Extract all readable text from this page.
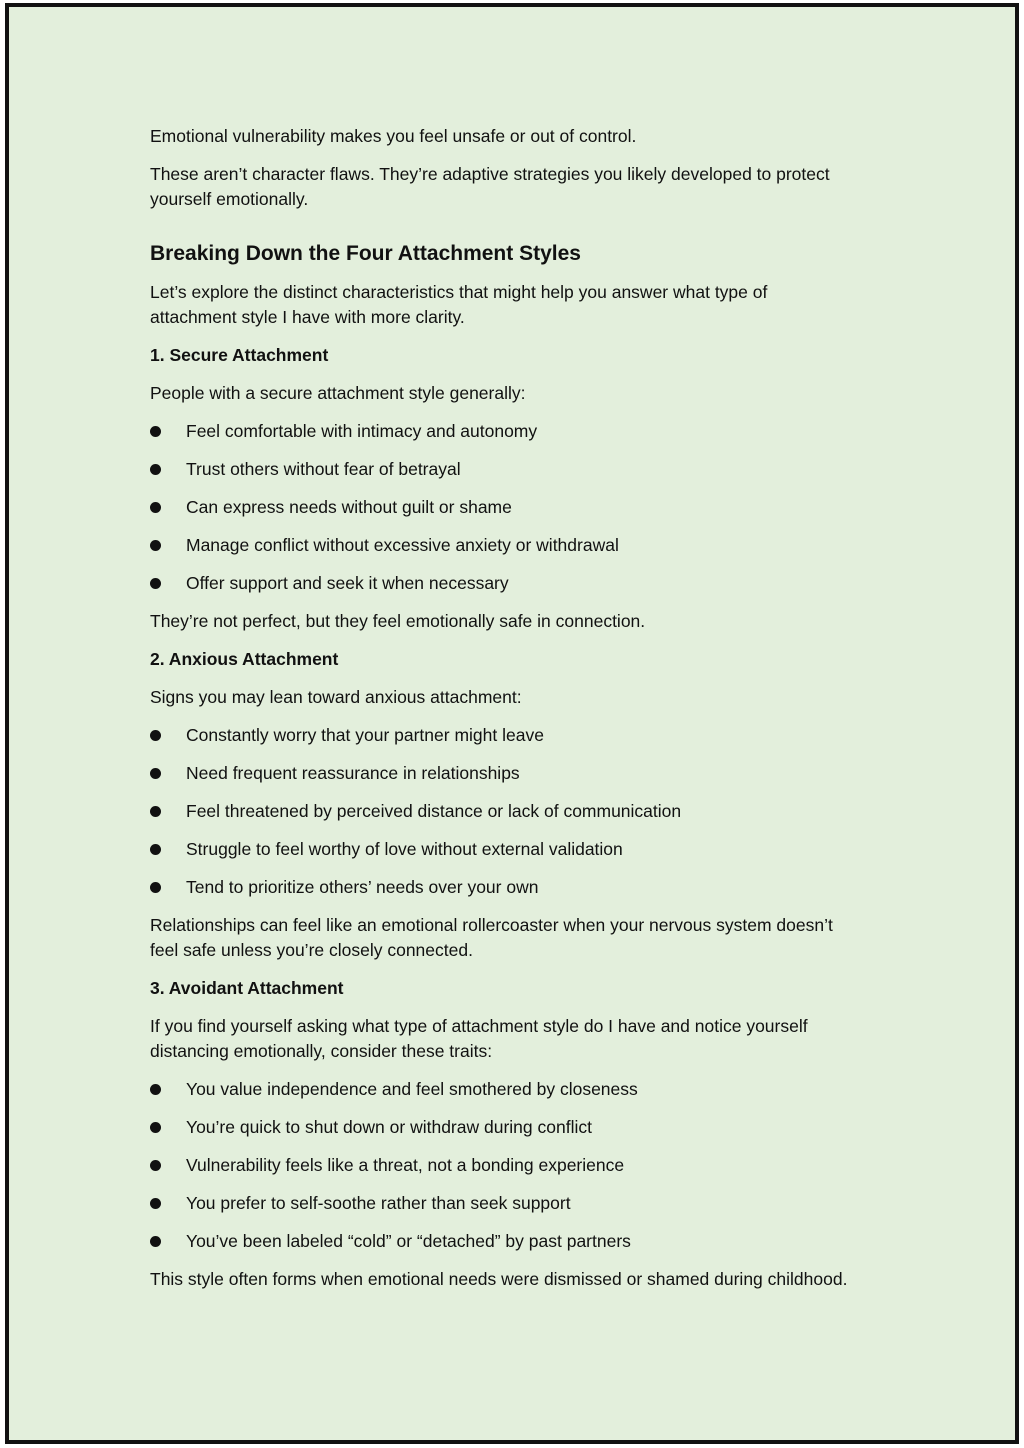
Emotional vulnerability makes you feel unsafe or out of control.

These aren’t character flaws. They’re adaptive strategies you likely developed to protect yourself emotionally.

Breaking Down the Four Attachment Styles

Let’s explore the distinct characteristics that might help you answer what type of attachment style I have with more clarity.

1. Secure Attachment

People with a secure attachment style generally:

Feel comfortable with intimacy and autonomy
Trust others without fear of betrayal
Can express needs without guilt or shame
Manage conflict without excessive anxiety or withdrawal
Offer support and seek it when necessary

They’re not perfect, but they feel emotionally safe in connection.

2. Anxious Attachment

Signs you may lean toward anxious attachment:

Constantly worry that your partner might leave
Need frequent reassurance in relationships
Feel threatened by perceived distance or lack of communication
Struggle to feel worthy of love without external validation
Tend to prioritize others’ needs over your own

Relationships can feel like an emotional rollercoaster when your nervous system doesn’t feel safe unless you’re closely connected.

3. Avoidant Attachment

If you find yourself asking what type of attachment style do I have and notice yourself distancing emotionally, consider these traits:

You value independence and feel smothered by closeness
You’re quick to shut down or withdraw during conflict
Vulnerability feels like a threat, not a bonding experience
You prefer to self-soothe rather than seek support
You’ve been labeled “cold” or “detached” by past partners

This style often forms when emotional needs were dismissed or shamed during childhood.
